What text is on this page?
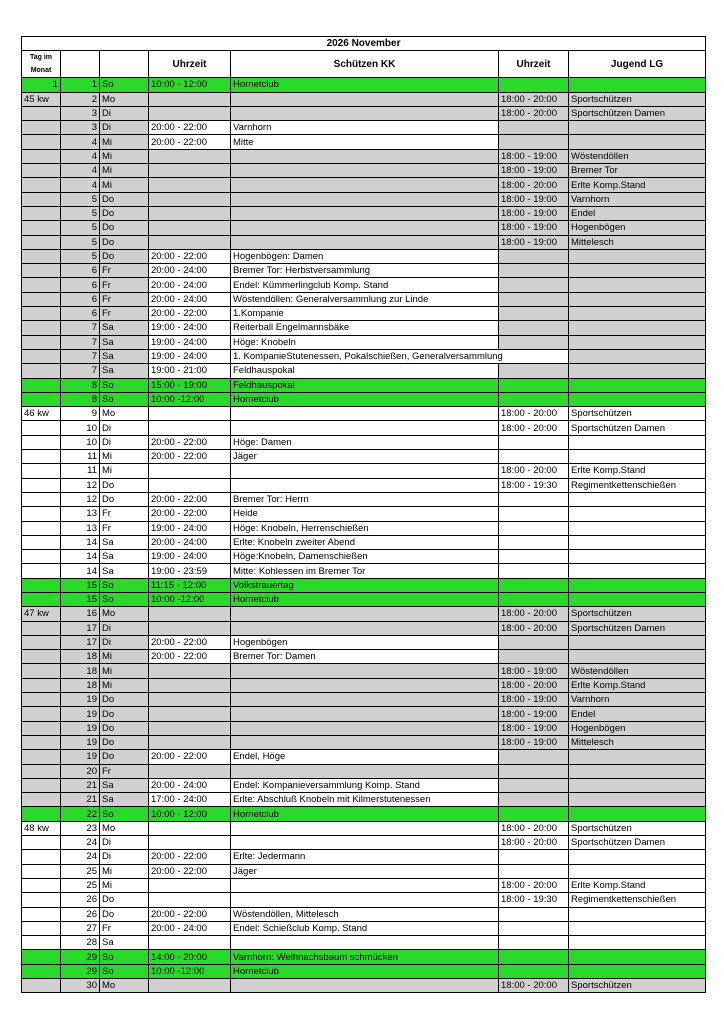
2026 November						
Tag im
Monat			Uhrzeit	Schützen KK	Uhrzeit	Jugend LG
1	1	So	10:00 - 12:00	Hornetclub		
45 kw	2	Mo			18:00 - 20:00	Sportschützen
	3	Di			18:00 - 20:00	Sportschützen Damen
	3	Di	20:00 - 22:00	Varnhorn		
	4	Mi	20:00 - 22:00	Mitte		
	4	Mi			18:00 - 19:00	Wöstendöllen
	4	Mi			18:00 - 19:00	Bremer Tor
	4	Mi			18:00 - 20:00	Erlte Komp.Stand
	5	Do			18:00 - 19:00	Varnhorn
	5	Do			18:00 - 19:00	Endel
	5	Do			18:00 - 19:00	Hogenbögen
	5	Do			18:00 - 19:00	Mittelesch
	5	Do	20:00 - 22:00	Hogenbögen: Damen		
	6	Fr	20:00 - 24:00	Bremer Tor: Herbstversammlung		
	6	Fr	20:00 - 24:00	Endel: Kümmerlingclub Komp. Stand		
	6	Fr	20:00 - 24:00	Wöstendöllen: Generalversammlung zur Linde		
	6	Fr	20:00 - 22:00	1.Kompanie		
	7	Sa	19:00 - 24:00	Reiterball Engelmannsbäke		
	7	Sa	19:00 - 24:00	Höge: Knobeln		
	7	Sa	19:00 - 24:00	1. KompanieStutenessen, Pokalschießen, Generalversammlung		
	7	Sa	19:00 - 21:00	Feldhauspokal		
	8	So	15:00 - 19:00	Feldhauspokal		
	8	So	10:00 -12:00	Hornetclub		
46 kw	9	Mo			18:00 - 20:00	Sportschützen
	10	Di			18:00 - 20:00	Sportschützen Damen
	10	Di	20:00 - 22:00	Höge: Damen		
	11	Mi	20:00 - 22:00	Jäger		
	11	Mi			18:00 - 20:00	Erlte Komp.Stand
	12	Do			18:00 - 19:30	Regimentkettenschießen
	12	Do	20:00 - 22:00	Bremer Tor: Herrn		
	13	Fr	20:00 - 22:00	Heide		
	13	Fr	19:00 - 24:00	Höge: Knobeln, Herrenschießen		
	14	Sa	20:00 - 24:00	Erlte: Knobeln zweiter Abend		
	14	Sa	19:00 - 24:00	Höge:Knobeln, Damenschießen		
	14	Sa	19:00 - 23:59	Mitte: Kohlessen im Bremer Tor		
	15	So	11:15 - 12:00	Volkstrauertag		
	15	So	10:00 -12:00	Hornetclub		
47 kw	16	Mo			18:00 - 20:00	Sportschützen
	17	Di			18:00 - 20:00	Sportschützen Damen
	17	Di	20:00 - 22:00	Hogenbögen		
	18	Mi	20:00 - 22:00	Bremer Tor: Damen		
	18	Mi			18:00 - 19:00	Wöstendöllen
	18	Mi			18:00 - 20:00	Erlte Komp.Stand
	19	Do			18:00 - 19:00	Varnhorn
	19	Do			18:00 - 19:00	Endel
	19	Do			18:00 - 19:00	Hogenbögen
	19	Do			18:00 - 19:00	Mittelesch
	19	Do	20:00 - 22:00	Endel, Höge		
	20	Fr				
	21	Sa	20:00 - 24:00	Endel: Kompanieversammlung Komp. Stand		
	21	Sa	17:00 - 24:00	Erlte: Abschluß Knobeln mit Kilmerstutenessen		
	22	So	10:00 - 12:00	Hornetclub		
48 kw	23	Mo			18:00 - 20:00	Sportschützen
	24	Di			18:00 - 20:00	Sportschützen Damen
	24	Di	20:00 - 22:00	Erlte: Jedermann		
	25	Mi	20:00 - 22:00	Jäger		
	25	Mi			18:00 - 20:00	Erlte Komp.Stand
	26	Do			18:00 - 19:30	Regimentkettenschießen
	26	Do	20:00 - 22:00	Wöstendöllen, Mittelesch		
	27	Fr	20:00 - 24:00	Endel: Schießclub Komp. Stand		
	28	Sa				
	29	So	14:00 - 20:00	Varnhorn: Weihnachsbaum schmücken		
	29	So	10:00 -12:00	Hornetclub		
	30	Mo			18:00 - 20:00	Sportschützen
